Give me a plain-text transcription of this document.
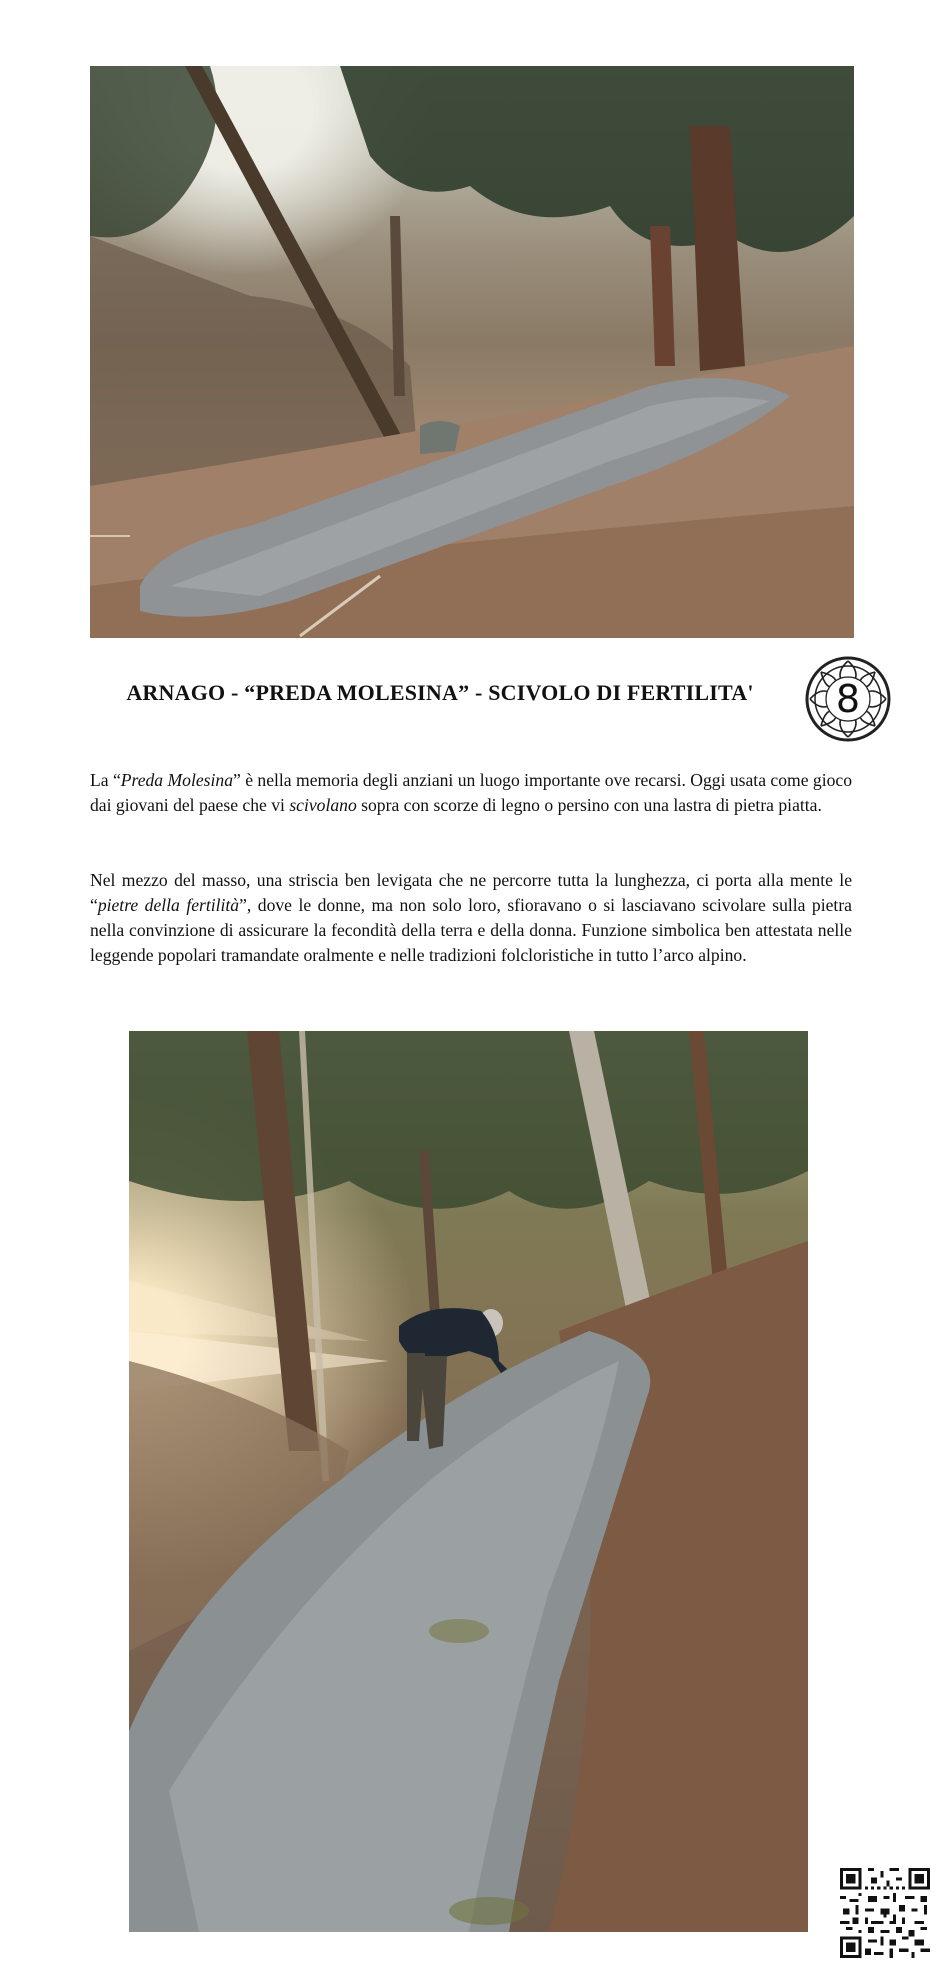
ARNAGO - “PREDA MOLESINA” - SCIVOLO DI FERTILITA'	8

La “Preda Molesina” è nella memoria degli anziani un luogo importante ove recarsi. Oggi usata come gioco dai giovani del paese che vi scivolano sopra con scorze di legno o persino con una lastra di pietra piatta.

Nel mezzo del masso, una striscia ben levigata che ne percorre tutta la lunghezza, ci porta alla mente le “pietre della fertilità”, dove le donne, ma non solo loro, sfioravano o si lasciavano scivolare sulla pietra nella convinzione di assicurare la fecondità della terra e della donna. Funzione simbolica ben attestata nelle leggende popolari tramandate oralmente e nelle tradizioni folcloristiche in tutto l’arco alpino.
